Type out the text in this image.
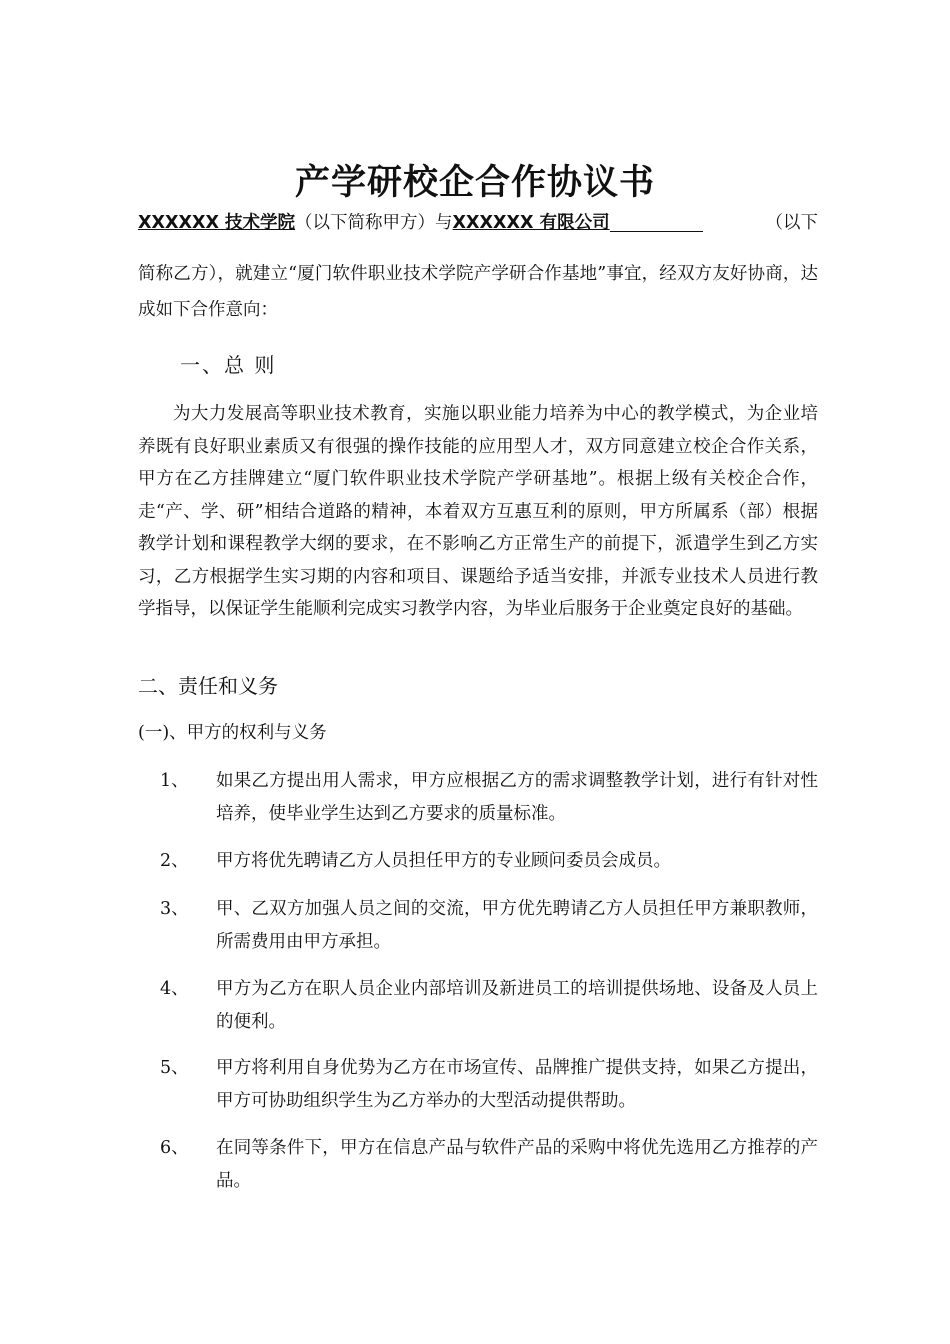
产学研校企合作协议书
XXXXXX 技术学院（以下简称甲方）与XXXXXX 有限公司	（以下
简称乙方），就建立“厦门软件职业技术学院产学研合作基地”事宜，经双方友好协商，达成如下合作意向：
一、总 则
为大力发展高等职业技术教育，实施以职业能力培养为中心的教学模式，为企业培养既有良好职业素质又有很强的操作技能的应用型人才，双方同意建立校企合作关系，甲方在乙方挂牌建立“厦门软件职业技术学院产学研基地”。根据上级有关校企合作，走“产、学、研”相结合道路的精神，本着双方互惠互利的原则，甲方所属系（部）根据教学计划和课程教学大纲的要求，在不影响乙方正常生产的前提下，派遣学生到乙方实习，乙方根据学生实习期的内容和项目、课题给予适当安排，并派专业技术人员进行教学指导，以保证学生能顺利完成实习教学内容，为毕业后服务于企业奠定良好的基础。
二、责任和义务
(一)、甲方的权利与义务
1、 如果乙方提出用人需求，甲方应根据乙方的需求调整教学计划，进行有针对性培养，使毕业学生达到乙方要求的质量标准。
2、 甲方将优先聘请乙方人员担任甲方的专业顾问委员会成员。
3、 甲、乙双方加强人员之间的交流，甲方优先聘请乙方人员担任甲方兼职教师，所需费用由甲方承担。
4、 甲方为乙方在职人员企业内部培训及新进员工的培训提供场地、设备及人员上的便利。
5、 甲方将利用自身优势为乙方在市场宣传、品牌推广提供支持，如果乙方提出，甲方可协助组织学生为乙方举办的大型活动提供帮助。
6、 在同等条件下，甲方在信息产品与软件产品的采购中将优先选用乙方推荐的产品。
